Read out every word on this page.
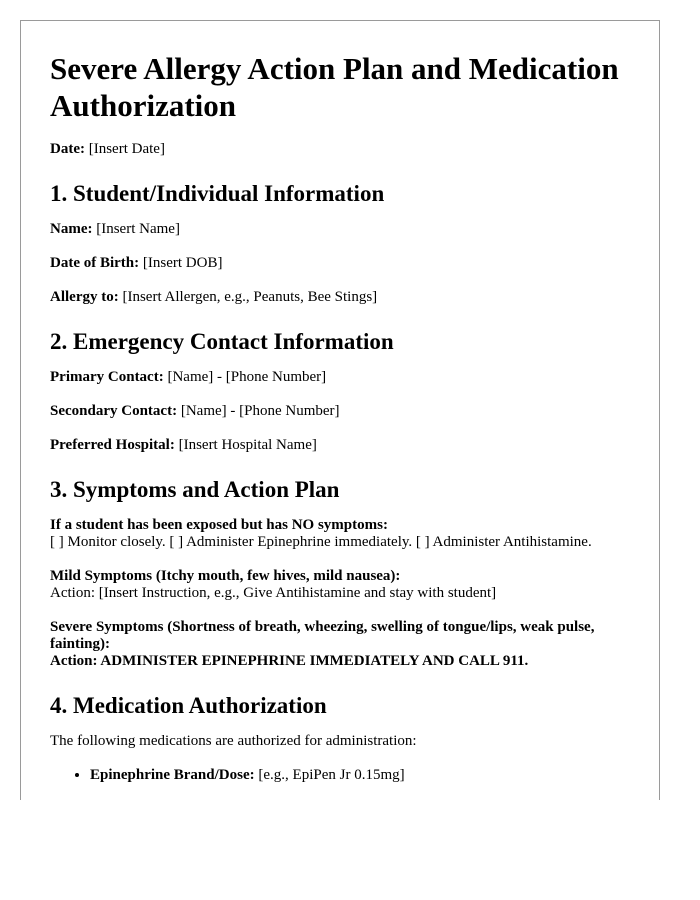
Severe Allergy Action Plan and Medication Authorization

Date: [Insert Date]

1. Student/Individual Information

Name: [Insert Name]

Date of Birth: [Insert DOB]

Allergy to: [Insert Allergen, e.g., Peanuts, Bee Stings]

2. Emergency Contact Information

Primary Contact: [Name] - [Phone Number]

Secondary Contact: [Name] - [Phone Number]

Preferred Hospital: [Insert Hospital Name]

3. Symptoms and Action Plan

If a student has been exposed but has NO symptoms:
[ ] Monitor closely. [ ] Administer Epinephrine immediately. [ ] Administer Antihistamine.

Mild Symptoms (Itchy mouth, few hives, mild nausea):
Action: [Insert Instruction, e.g., Give Antihistamine and stay with student]

Severe Symptoms (Shortness of breath, wheezing, swelling of tongue/lips, weak pulse, fainting):
Action: ADMINISTER EPINEPHRINE IMMEDIATELY AND CALL 911.

4. Medication Authorization

The following medications are authorized for administration:

• Epinephrine Brand/Dose: [e.g., EpiPen Jr 0.15mg]
